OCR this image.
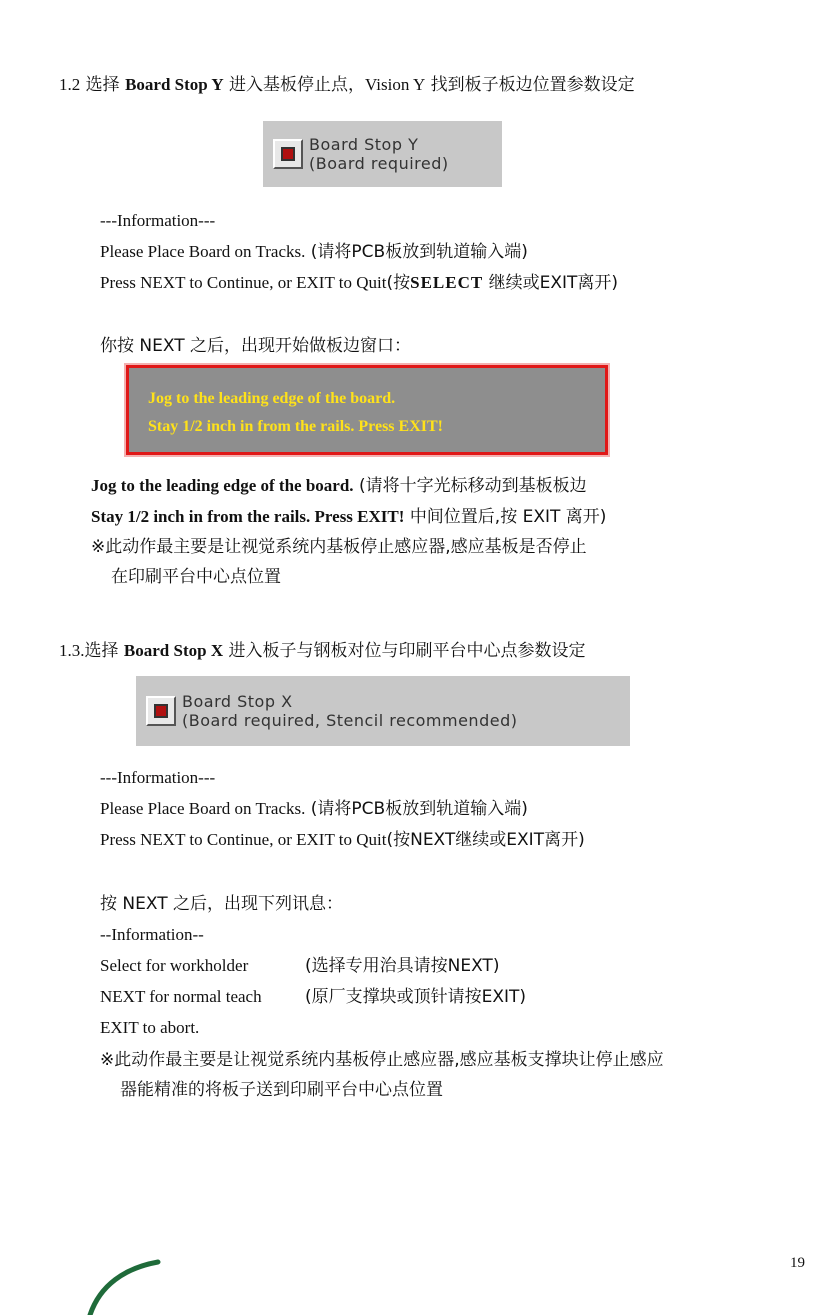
1.2 选择 Board Stop Y 进入基板停止点，Vision Y 找到板子板边位置参数设定
Board Stop Y
(Board required)
---Information---
Please Place Board on Tracks. (请将PCB板放到轨道输入端)
Press NEXT to Continue, or EXIT to Quit(按SELECT 继续或EXIT离开)
你按 NEXT 之后，出现开始做板边窗口：
Jog to the leading edge of the board.
Stay 1/2 inch in from the rails. Press EXIT!
Jog to the leading edge of the board. (请将十字光标移动到基板板边
Stay 1/2 inch in from the rails. Press EXIT! 中间位置后,按 EXIT 离开)
※此动作最主要是让视觉系统内基板停止感应器,感应基板是否停止
在印刷平台中心点位置
1.3.选择 Board Stop X 进入板子与钢板对位与印刷平台中心点参数设定
Board Stop X
(Board required, Stencil recommended)
---Information---
Please Place Board on Tracks. (请将PCB板放到轨道输入端)
Press NEXT to Continue, or EXIT to Quit(按NEXT继续或EXIT离开)
按 NEXT 之后，出现下列讯息：
--Information--
Select for workholder	(选择专用治具请按NEXT)
NEXT for normal teach	(原厂支撑块或顶针请按EXIT)
EXIT to abort.
※此动作最主要是让视觉系统内基板停止感应器,感应基板支撑块让停止感应
器能精准的将板子送到印刷平台中心点位置
19
